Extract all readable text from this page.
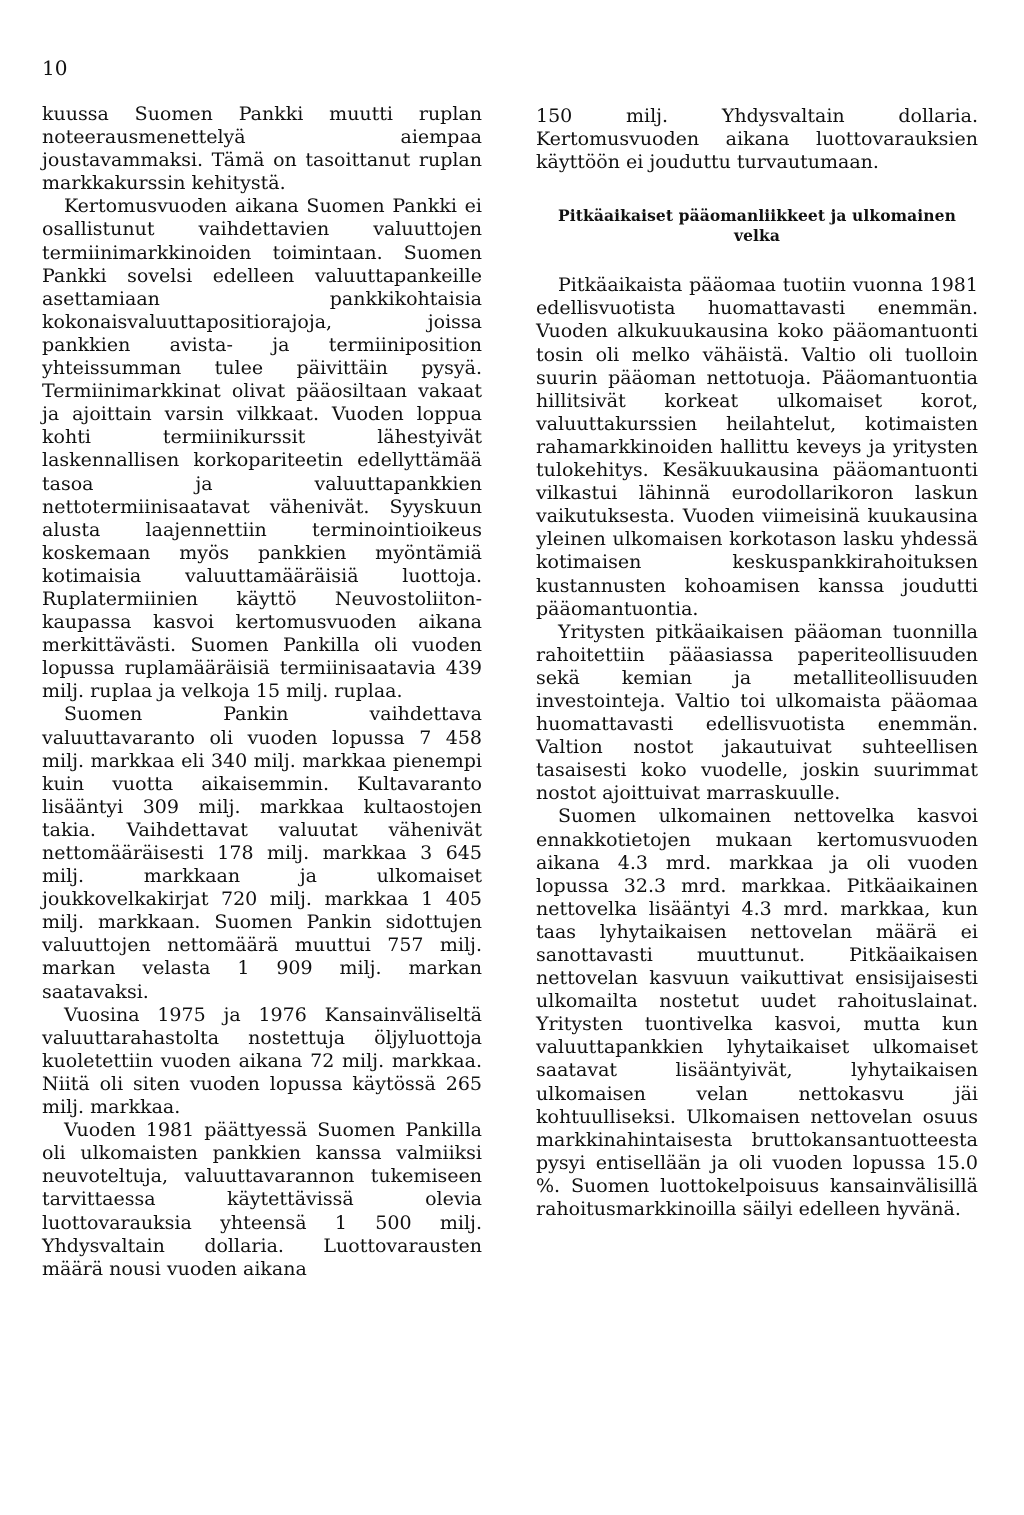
10

kuussa Suomen Pankki muutti ruplan noteerausmenettelyä aiempaa joustavammaksi. Tämä on tasoittanut ruplan markkakurssin kehitystä.

Kertomusvuoden aikana Suomen Pankki ei osallistunut vaihdettavien valuuttojen termiinimarkkinoiden toimintaan. Suomen Pankki sovelsi edelleen valuuttapankeille asettamiaan pankkikohtaisia kokonaisvaluuttapositiorajoja, joissa pankkien avista- ja termiiniposition yhteissumman tulee päivittäin pysyä. Termiinimarkkinat olivat pääosiltaan vakaat ja ajoittain varsin vilkkaat. Vuoden loppua kohti termiinikurssit lähestyivät laskennallisen korkopariteetin edellyttämää tasoa ja valuuttapankkien nettotermiinisaatavat vähenivät. Syyskuun alusta laajennettiin terminointioikeus koskemaan myös pankkien myöntämiä kotimaisia valuuttamääräisiä luottoja. Ruplatermiinien käyttö Neuvostoliiton-kaupassa kasvoi kertomusvuoden aikana merkittävästi. Suomen Pankilla oli vuoden lopussa ruplamääräisiä termiinisaatavia 439 milj. ruplaa ja velkoja 15 milj. ruplaa.

Suomen Pankin vaihdettava valuuttavaranto oli vuoden lopussa 7 458 milj. markkaa eli 340 milj. markkaa pienempi kuin vuotta aikaisemmin. Kultavaranto lisääntyi 309 milj. markkaa kultaostojen takia. Vaihdettavat valuutat vähenivät nettomääräisesti 178 milj. markkaa 3 645 milj. markkaan ja ulkomaiset joukkovelkakirjat 720 milj. markkaa 1 405 milj. markkaan. Suomen Pankin sidottujen valuuttojen nettomäärä muuttui 757 milj. markan velasta 1 909 milj. markan saatavaksi.

Vuosina 1975 ja 1976 Kansainväliseltä valuuttarahastolta nostettuja öljyluottoja kuoletettiin vuoden aikana 72 milj. markkaa. Niitä oli siten vuoden lopussa käytössä 265 milj. markkaa.

Vuoden 1981 päättyessä Suomen Pankilla oli ulkomaisten pankkien kanssa valmiiksi neuvoteltuja, valuuttavarannon tukemiseen tarvittaessa käytettävissä olevia luottovarauksia yhteensä 1 500 milj. Yhdysvaltain dollaria. Luottovarausten määrä nousi vuoden aikana

150 milj. Yhdysvaltain dollaria. Kertomusvuoden aikana luottovarauksien käyttöön ei jouduttu turvautumaan.

Pitkäaikaiset pääomanliikkeet ja ulkomainen velka

Pitkäaikaista pääomaa tuotiin vuonna 1981 edellisvuotista huomattavasti enemmän. Vuoden alkukuukausina koko pääomantuonti tosin oli melko vähäistä. Valtio oli tuolloin suurin pääoman nettotuoja. Pääomantuontia hillitsivät korkeat ulkomaiset korot, valuuttakurssien heilahtelut, kotimaisten rahamarkkinoiden hallittu keveys ja yritysten tulokehitys. Kesäkuukausina pääomantuonti vilkastui lähinnä eurodollarikoron laskun vaikutuksesta. Vuoden viimeisinä kuukausina yleinen ulkomaisen korkotason lasku yhdessä kotimaisen keskuspankkirahoituksen kustannusten kohoamisen kanssa joudutti pääomantuontia.

Yritysten pitkäaikaisen pääoman tuonnilla rahoitettiin pääasiassa paperiteollisuuden sekä kemian ja metalliteollisuuden investointeja. Valtio toi ulkomaista pääomaa huomattavasti edellisvuotista enemmän. Valtion nostot jakautuivat suhteellisen tasaisesti koko vuodelle, joskin suurimmat nostot ajoittuivat marraskuulle.

Suomen ulkomainen nettovelka kasvoi ennakkotietojen mukaan kertomusvuoden aikana 4.3 mrd. markkaa ja oli vuoden lopussa 32.3 mrd. markkaa. Pitkäaikainen nettovelka lisääntyi 4.3 mrd. markkaa, kun taas lyhytaikaisen nettovelan määrä ei sanottavasti muuttunut. Pitkäaikaisen nettovelan kasvuun vaikuttivat ensisijaisesti ulkomailta nostetut uudet rahoituslainat. Yritysten tuontivelka kasvoi, mutta kun valuuttapankkien lyhytaikaiset ulkomaiset saatavat lisääntyivät, lyhytaikaisen ulkomaisen velan nettokasvu jäi kohtuulliseksi. Ulkomaisen nettovelan osuus markkinahintaisesta bruttokansantuotteesta pysyi entisellään ja oli vuoden lopussa 15.0 %. Suomen luottokelpoisuus kansainvälisillä rahoitusmarkkinoilla säilyi edelleen hyvänä.
